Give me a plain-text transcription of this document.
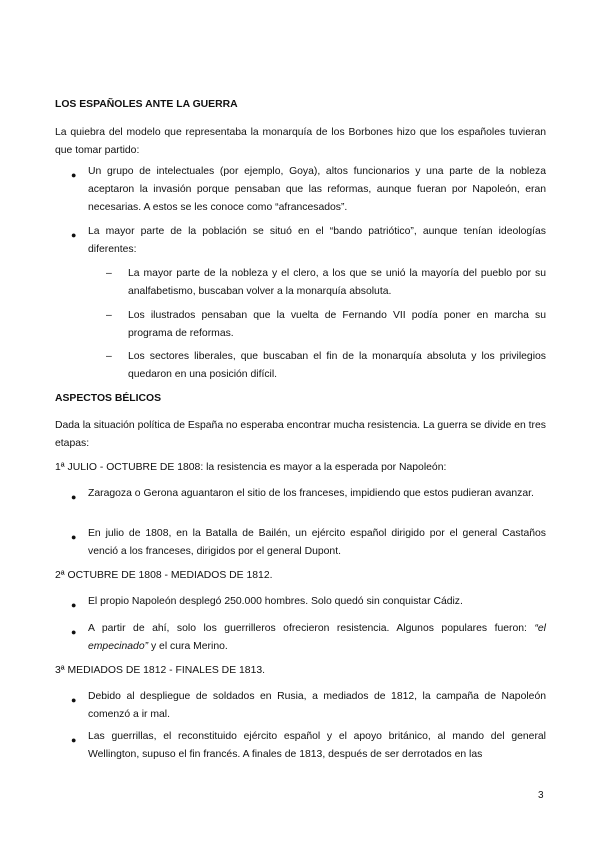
LOS ESPAÑOLES ANTE LA GUERRA

La quiebra del modelo que representaba la monarquía de los Borbones hizo que los españoles tuvieran que tomar partido:

● Un grupo de intelectuales (por ejemplo, Goya), altos funcionarios y una parte de la nobleza aceptaron la invasión porque pensaban que las reformas, aunque fueran por Napoleón, eran necesarias. A estos se les conoce como “afrancesados”.

● La mayor parte de la población se situó en el “bando patriótico”, aunque tenían ideologías diferentes:

– La mayor parte de la nobleza y el clero, a los que se unió la mayoría del pueblo por su analfabetismo, buscaban volver a la monarquía absoluta.

– Los ilustrados pensaban que la vuelta de Fernando VII podía poner en marcha su programa de reformas.

– Los sectores liberales, que buscaban el fin de la monarquía absoluta y los privilegios quedaron en una posición difícil.

ASPECTOS BÉLICOS

Dada la situación política de España no esperaba encontrar mucha resistencia. La guerra se divide en tres etapas:

1ª JULIO - OCTUBRE DE 1808: la resistencia es mayor a la esperada por Napoleón:

● Zaragoza o Gerona aguantaron el sitio de los franceses, impidiendo que estos pudieran avanzar.

● En julio de 1808, en la Batalla de Bailén, un ejército español dirigido por el general Castaños venció a los franceses, dirigidos por el general Dupont.

2ª OCTUBRE DE 1808 - MEDIADOS DE 1812.

● El propio Napoleón desplegó 250.000 hombres. Solo quedó sin conquistar Cádiz.

● A partir de ahí, solo los guerrilleros ofrecieron resistencia. Algunos populares fueron: “el empecinado” y el cura Merino.

3ª MEDIADOS DE 1812 - FINALES DE 1813.

● Debido al despliegue de soldados en Rusia, a mediados de 1812, la campaña de Napoleón comenzó a ir mal.

● Las guerrillas, el reconstituido ejército español y el apoyo británico, al mando del general Wellington, supuso el fin francés. A finales de 1813, después de ser derrotados en las

3
